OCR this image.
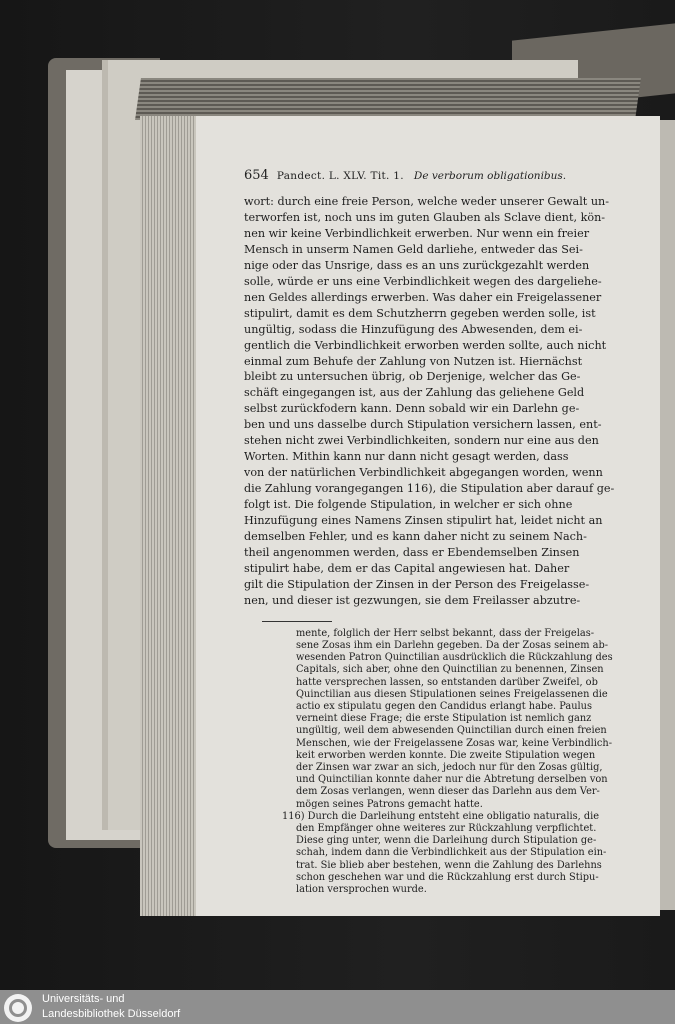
654 Pandect. L. XLV. Tit. 1. De verborum obligationibus.
wort: durch eine freie Person, welche weder unserer Gewalt un-
terworfen ist, noch uns im guten Glauben als Sclave dient, kön-
nen wir keine Verbindlichkeit erwerben. Nur wenn ein freier
Mensch in unserm Namen Geld darliehe, entweder das Sei-
nige oder das Unsrige, dass es an uns zurückgezahlt werden
solle, würde er uns eine Verbindlichkeit wegen des dargeliehe-
nen Geldes allerdings erwerben. Was daher ein Freigelassener
stipulirt, damit es dem Schutzherrn gegeben werden solle, ist
ungültig, sodass die Hinzufügung des Abwesenden, dem ei-
gentlich die Verbindlichkeit erworben werden sollte, auch nicht
einmal zum Behufe der Zahlung von Nutzen ist. Hiernächst
bleibt zu untersuchen übrig, ob Derjenige, welcher das Ge-
schäft eingegangen ist, aus der Zahlung das geliehene Geld
selbst zurückfodern kann. Denn sobald wir ein Darlehn ge-
ben und uns dasselbe durch Stipulation versichern lassen, ent-
stehen nicht zwei Verbindlichkeiten, sondern nur eine aus den
Worten. Mithin kann nur dann nicht gesagt werden, dass
von der natürlichen Verbindlichkeit abgegangen worden, wenn
die Zahlung vorangegangen 116), die Stipulation aber darauf ge-
folgt ist. Die folgende Stipulation, in welcher er sich ohne
Hinzufügung eines Namens Zinsen stipulirt hat, leidet nicht an
demselben Fehler, und es kann daher nicht zu seinem Nach-
theil angenommen werden, dass er Ebendemselben Zinsen
stipulirt habe, dem er das Capital angewiesen hat. Daher
gilt die Stipulation der Zinsen in der Person des Freigelasse-
nen, und dieser ist gezwungen, sie dem Freilasser abzutre-
mente, folglich der Herr selbst bekannt, dass der Freigelas-
sene Zosas ihm ein Darlehn gegeben. Da der Zosas seinem ab-
wesenden Patron Quinctilian ausdrücklich die Rückzahlung des
Capitals, sich aber, ohne den Quinctilian zu benennen, Zinsen
hatte versprechen lassen, so entstanden darüber Zweifel, ob
Quinctilian aus diesen Stipulationen seines Freigelassenen die
actio ex stipulatu gegen den Candidus erlangt habe. Paulus
verneint diese Frage; die erste Stipulation ist nemlich ganz
ungültig, weil dem abwesenden Quinctilian durch einen freien
Menschen, wie der Freigelassene Zosas war, keine Verbindlich-
keit erworben werden konnte. Die zweite Stipulation wegen
der Zinsen war zwar an sich, jedoch nur für den Zosas gültig,
und Quinctilian konnte daher nur die Abtretung derselben von
dem Zosas verlangen, wenn dieser das Darlehn aus dem Ver-
mögen seines Patrons gemacht hatte.
116) Durch die Darleihung entsteht eine obligatio naturalis, die
den Empfänger ohne weiteres zur Rückzahlung verpflichtet.
Diese ging unter, wenn die Darleihung durch Stipulation ge-
schah, indem dann die Verbindlichkeit aus der Stipulation ein-
trat. Sie blieb aber bestehen, wenn die Zahlung des Darlehns
schon geschehen war und die Rückzahlung erst durch Stipu-
lation versprochen wurde.
Universitäts- und
Landesbibliothek Düsseldorf
